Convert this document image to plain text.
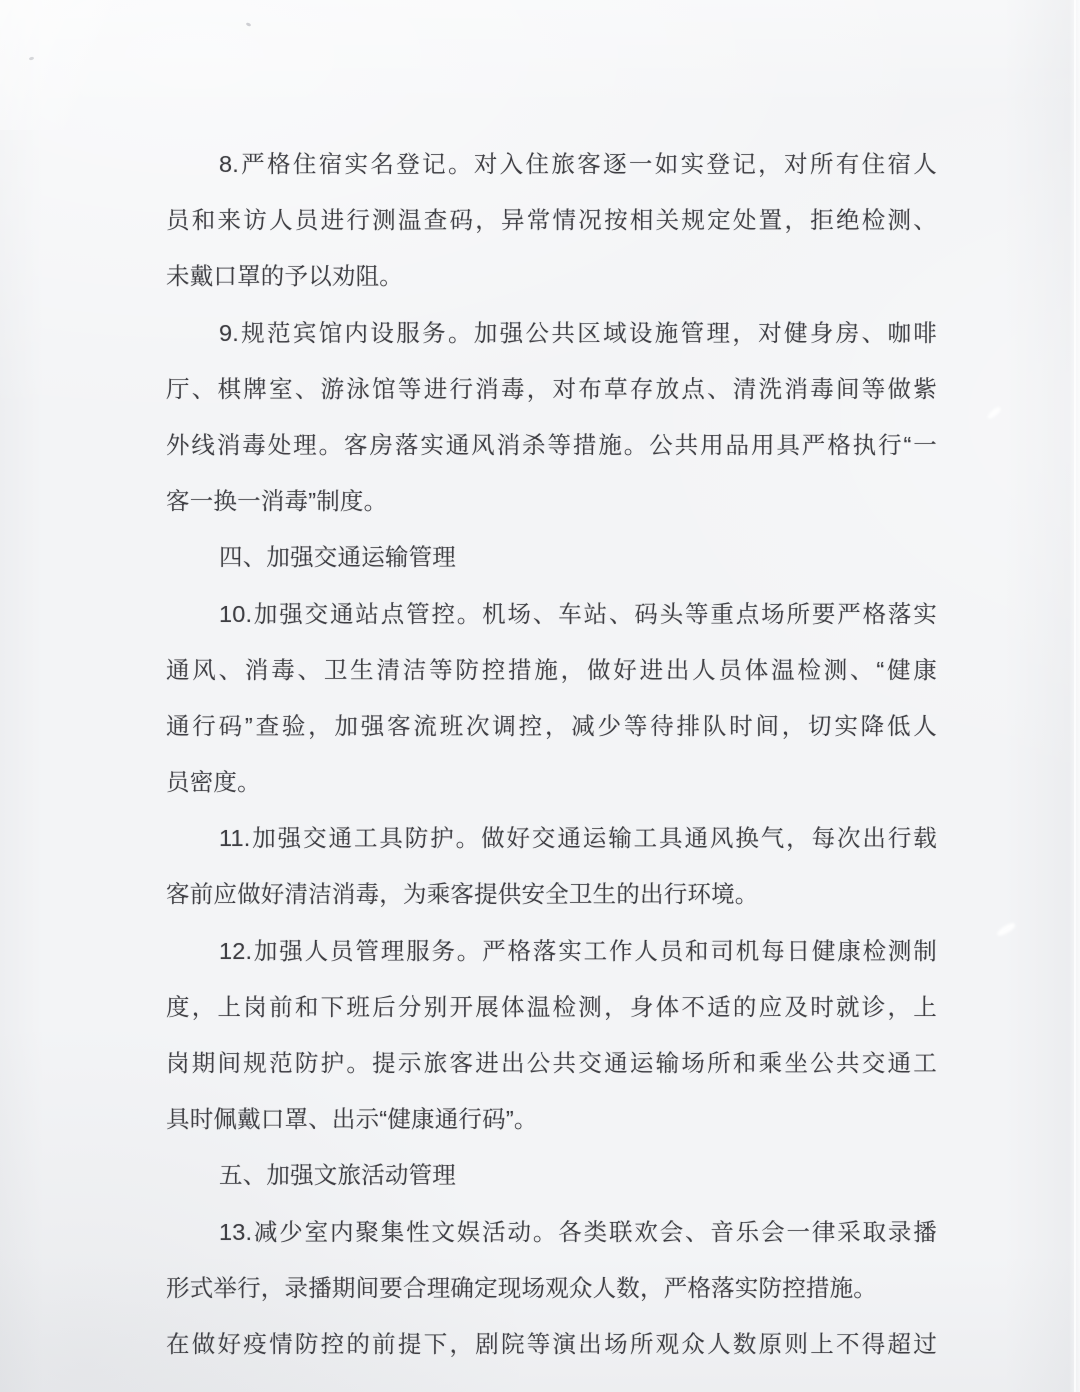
8.严格住宿实名登记。对入住旅客逐一如实登记，对所有住宿人
员和来访人员进行测温查码，异常情况按相关规定处置，拒绝检测、
未戴口罩的予以劝阻。
9.规范宾馆内设服务。加强公共区域设施管理，对健身房、咖啡
厅、棋牌室、游泳馆等进行消毒，对布草存放点、清洗消毒间等做紫
外线消毒处理。客房落实通风消杀等措施。公共用品用具严格执行“一
客一换一消毒”制度。
四、加强交通运输管理
10.加强交通站点管控。机场、车站、码头等重点场所要严格落实
通风、消毒、卫生清洁等防控措施，做好进出人员体温检测、“健康
通行码”查验，加强客流班次调控，减少等待排队时间，切实降低人
员密度。
11.加强交通工具防护。做好交通运输工具通风换气，每次出行载
客前应做好清洁消毒，为乘客提供安全卫生的出行环境。
12.加强人员管理服务。严格落实工作人员和司机每日健康检测制
度，上岗前和下班后分别开展体温检测，身体不适的应及时就诊，上
岗期间规范防护。提示旅客进出公共交通运输场所和乘坐公共交通工
具时佩戴口罩、出示“健康通行码”。
五、加强文旅活动管理
13.减少室内聚集性文娱活动。各类联欢会、音乐会一律采取录播
形式举行，录播期间要合理确定现场观众人数，严格落实防控措施。
在做好疫情防控的前提下，剧院等演出场所观众人数原则上不得超过
